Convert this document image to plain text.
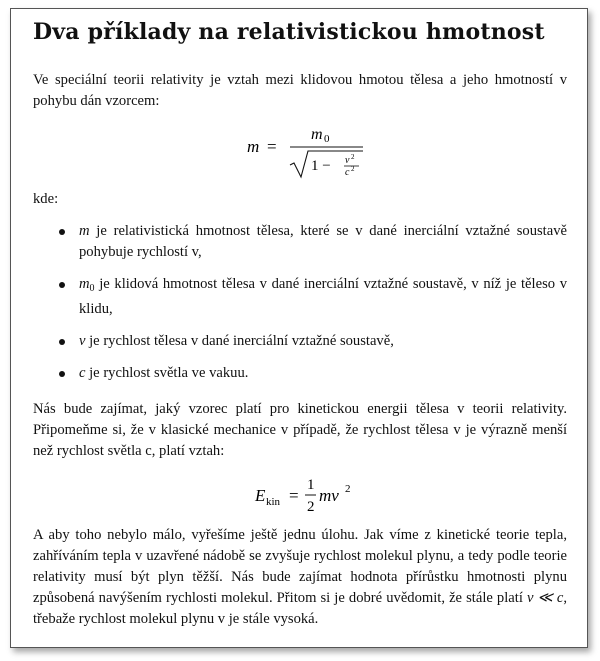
Dva příklady na relativistickou hmotnost
Ve speciální teorii relativity je vztah mezi klidovou hmotou tělesa a jeho hmotností v pohybu dán vzorcem:
m =
m 0
1 − v 2
c 2
kde:
m je relativistická hmotnost tělesa, které se v dané inerciální vztažné soustavě pohybuje rychlostí v,
$m_0$ je klidová hmotnost tělesa v dané inerciální vztažné soustavě, v níž je těleso v klidu,
v je rychlost tělesa v dané inerciální vztažné soustavě,
c je rychlost světla ve vakuu.
Nás bude zajímat, jaký vzorec platí pro kinetickou energii tělesa v teorii relativity. Připomeňme si, že v klasické mechanice v případě, že rychlost tělesa v je výrazně menší než rychlost světla c, platí vztah:
E kin =
1
2
mv 2
A aby toho nebylo málo, vyřešíme ještě jednu úlohu. Jak víme z kinetické teorie tepla, zahříváním tepla v uzavřené nádobě se zvyšuje rychlost molekul plynu, a tedy podle teorie relativity musí být plyn těžší. Nás bude zajímat hodnota přírůstku hmotnosti plynu způsobená navýšením rychlosti molekul. Přitom si je dobré uvědomit, že stále platí v ≪ c, třebaže rychlost molekul plynu v je stále vysoká.
